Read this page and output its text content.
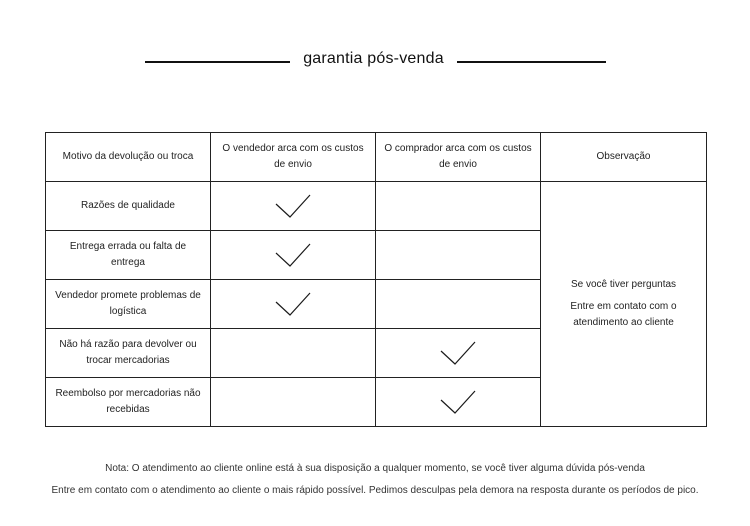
garantia pós-venda
Motivo da devolução ou troca	O vendedor arca com os custos de envio	O comprador arca com os custos de envio	Observação
Razões de qualidade			Se você tiver perguntas
Entre em contato com o atendimento ao cliente

Entrega errada ou falta de entrega	

Vendedor promete problemas de logística	

Não há razão para devolver ou trocar mercadorias		

Reembolso por mercadorias não recebidas		
Nota: O atendimento ao cliente online está à sua disposição a qualquer momento, se você tiver alguma dúvida pós-venda
Entre em contato com o atendimento ao cliente o mais rápido possível. Pedimos desculpas pela demora na resposta durante os períodos de pico.
